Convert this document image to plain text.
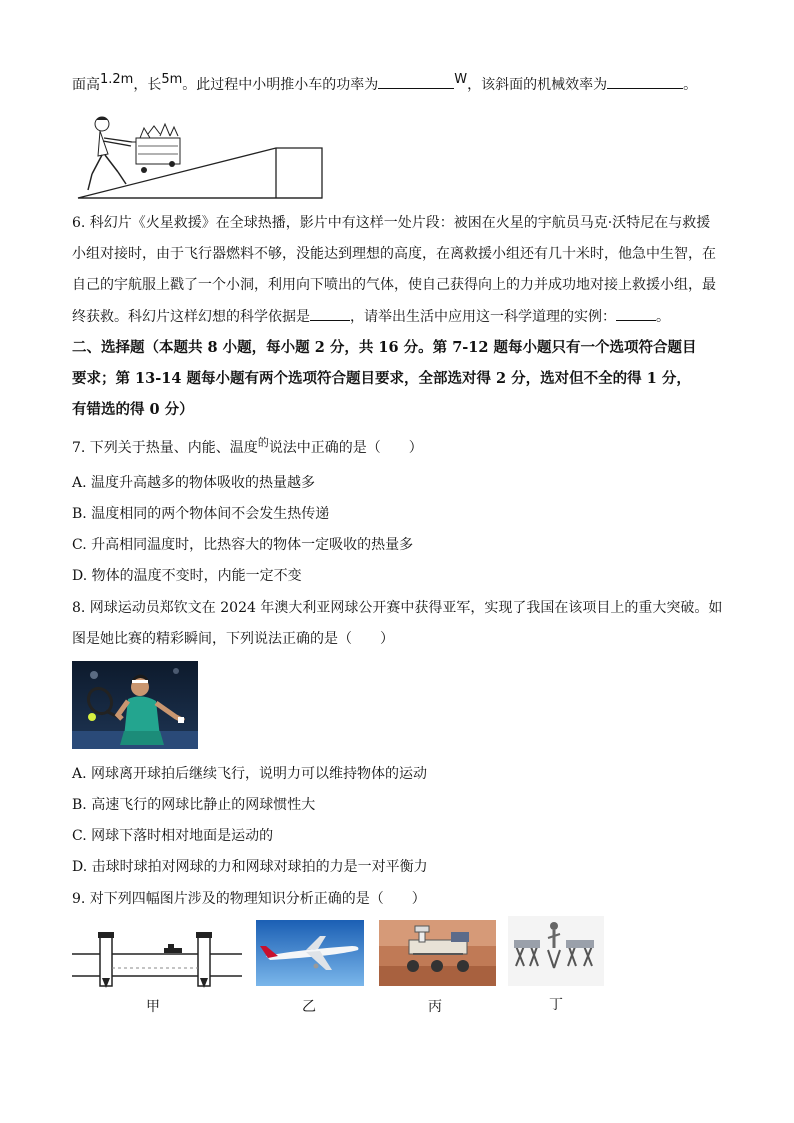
面高1.2m，长5m。此过程中小明推小车的功率为	W，该斜面的机械效率为	。
6. 科幻片《火星救援》在全球热播，影片中有这样一处片段：被困在火星的宇航员马克·沃特尼在与救援
小组对接时，由于飞行器燃料不够，没能达到理想的高度，在离救援小组还有几十米时，他急中生智，在
自己的宇航服上戳了一个小洞，利用向下喷出的气体，使自己获得向上的力并成功地对接上救援小组，最
终获救。科幻片这样幻想的科学依据是	，请举出生活中应用这一科学道理的实例：	。
二、选择题（本题共 8 小题，每小题 2 分，共 16 分。第 7-12 题每小题只有一个选项符合题目
要求；第 13-14 题每小题有两个选项符合题目要求，全部选对得 2 分，选对但不全的得 1 分，
有错选的得 0 分）
7. 下列关于热量、内能、温度$^的$说法中正确的是（　　）
A. 温度升高越多的物体吸收的热量越多
B. 温度相同的两个物体间不会发生热传递
C. 升高相同温度时，比热容大的物体一定吸收的热量多
D. 物体的温度不变时，内能一定不变
8. 网球运动员郑钦文在 2024 年澳大利亚网球公开赛中获得亚军，实现了我国在该项目上的重大突破。如
图是她比赛的精彩瞬间，下列说法正确的是（　　）
A. 网球离开球拍后继续飞行，说明力可以维持物体的运动
B. 高速飞行的网球比静止的网球惯性大
C. 网球下落时相对地面是运动的
D. 击球时球拍对网球的力和网球对球拍的力是一对平衡力
9. 对下列四幅图片涉及的物理知识分析正确的是（　　）
甲	乙	丙	丁
